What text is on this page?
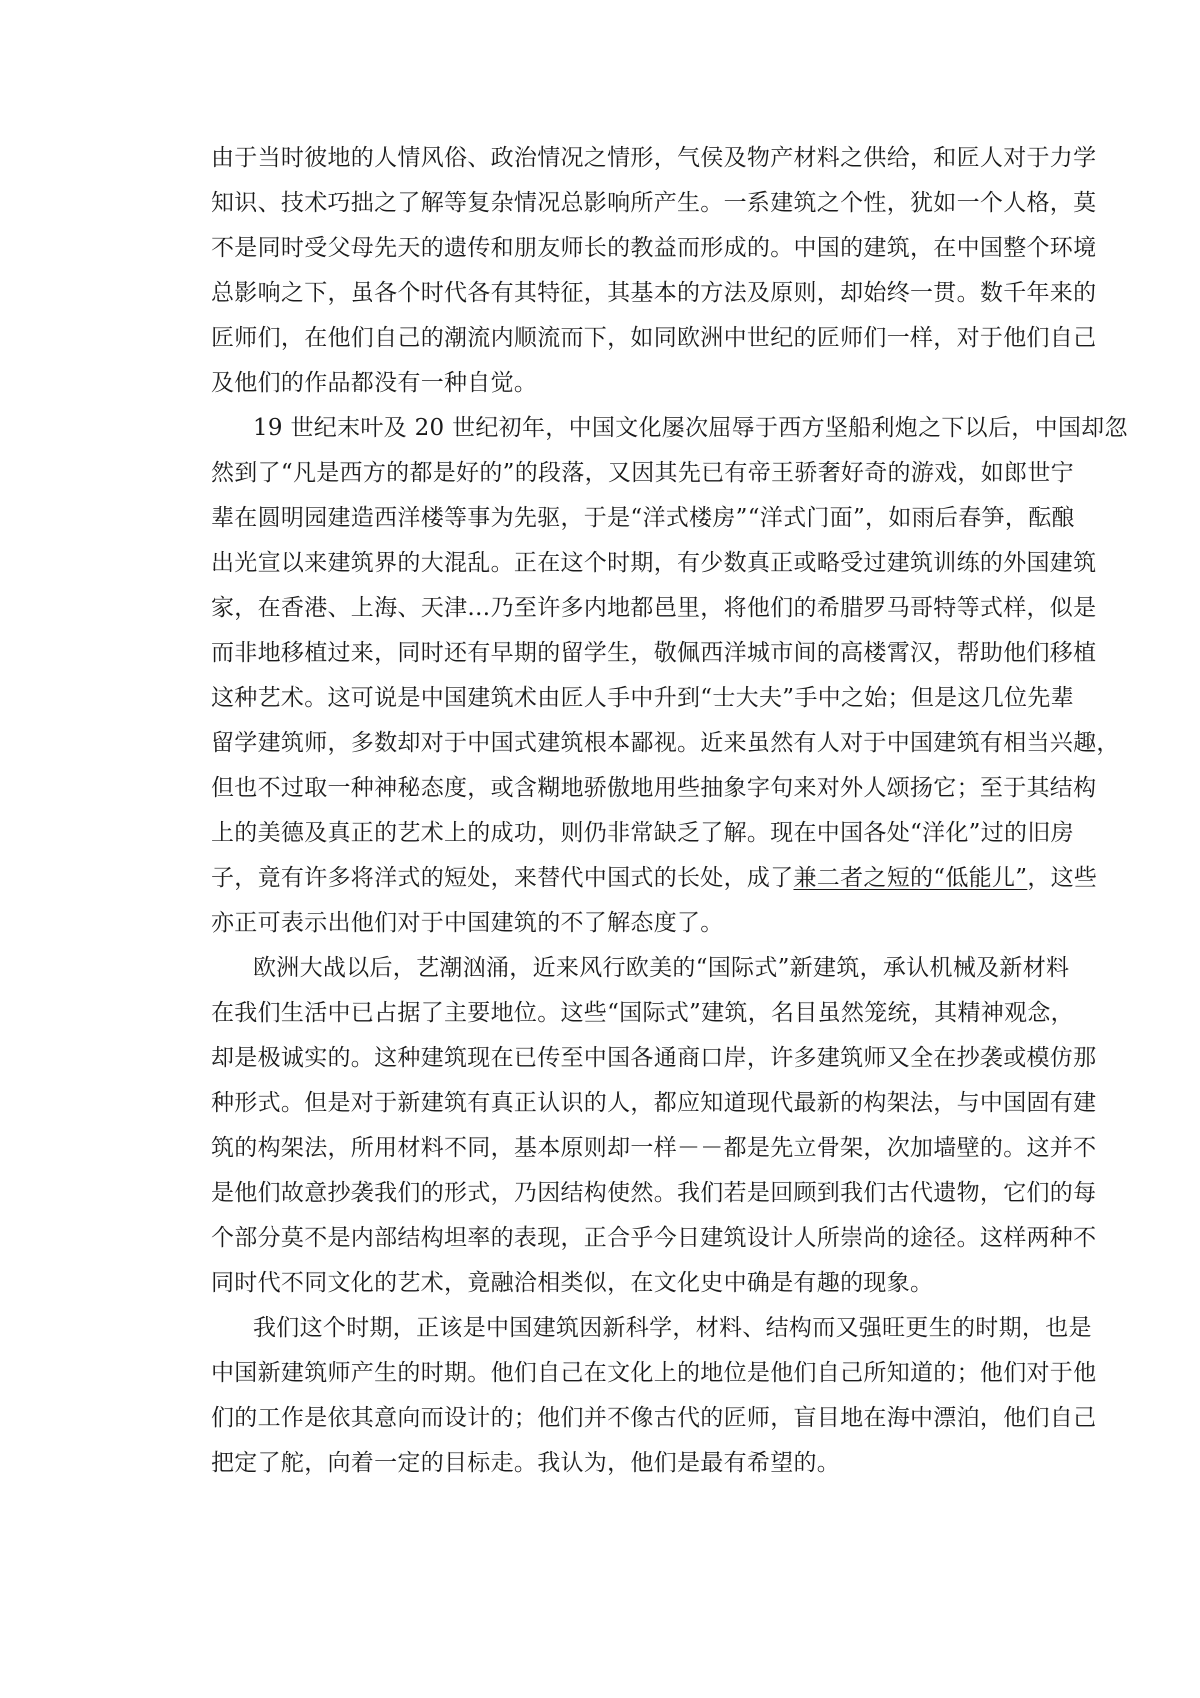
由于当时彼地的人情风俗、政治情况之情形，气侯及物产材料之供给，和匠人对于力学
知识、技术巧拙之了解等复杂情况总影响所产生。一系建筑之个性，犹如一个人格，莫
不是同时受父母先天的遗传和朋友师长的教益而形成的。中国的建筑，在中国整个环境
总影响之下，虽各个时代各有其特征，其基本的方法及原则，却始终一贯。数千年来的
匠师们，在他们自己的潮流内顺流而下，如同欧洲中世纪的匠师们一样，对于他们自己
及他们的作品都没有一种自觉。
19 世纪末叶及 20 世纪初年，中国文化屡次屈辱于西方坚船利炮之下以后，中国却忽
然到了“凡是西方的都是好的”的段落，又因其先已有帝王骄奢好奇的游戏，如郎世宁
辈在圆明园建造西洋楼等事为先驱，于是“洋式楼房”“洋式门面”，如雨后春笋，酝酿
出光宣以来建筑界的大混乱。正在这个时期，有少数真正或略受过建筑训练的外国建筑
家，在香港、上海、天津…乃至许多内地都邑里，将他们的希腊罗马哥特等式样，似是
而非地移植过来，同时还有早期的留学生，敬佩西洋城市间的高楼霄汉，帮助他们移植
这种艺术。这可说是中国建筑术由匠人手中升到“士大夫”手中之始；但是这几位先辈
留学建筑师，多数却对于中国式建筑根本鄙视。近来虽然有人对于中国建筑有相当兴趣，
但也不过取一种神秘态度，或含糊地骄傲地用些抽象字句来对外人颂扬它；至于其结构
上的美德及真正的艺术上的成功，则仍非常缺乏了解。现在中国各处“洋化”过的旧房
子，竟有许多将洋式的短处，来替代中国式的长处，成了兼二者之短的“低能儿”，这些
亦正可表示出他们对于中国建筑的不了解态度了。
欧洲大战以后，艺潮汹涌，近来风行欧美的“国际式”新建筑，承认机械及新材料
在我们生活中已占据了主要地位。这些“国际式”建筑，名目虽然笼统，其精神观念，
却是极诚实的。这种建筑现在已传至中国各通商口岸，许多建筑师又全在抄袭或模仿那
种形式。但是对于新建筑有真正认识的人，都应知道现代最新的构架法，与中国固有建
筑的构架法，所用材料不同，基本原则却一样－－都是先立骨架，次加墙壁的。这并不
是他们故意抄袭我们的形式，乃因结构使然。我们若是回顾到我们古代遗物，它们的每
个部分莫不是内部结构坦率的表现，正合乎今日建筑设计人所崇尚的途径。这样两种不
同时代不同文化的艺术，竟融洽相类似，在文化史中确是有趣的现象。
我们这个时期，正该是中国建筑因新科学，材料、结构而又强旺更生的时期，也是
中国新建筑师产生的时期。他们自己在文化上的地位是他们自己所知道的；他们对于他
们的工作是依其意向而设计的；他们并不像古代的匠师，盲目地在海中漂泊，他们自己
把定了舵，向着一定的目标走。我认为，他们是最有希望的。
